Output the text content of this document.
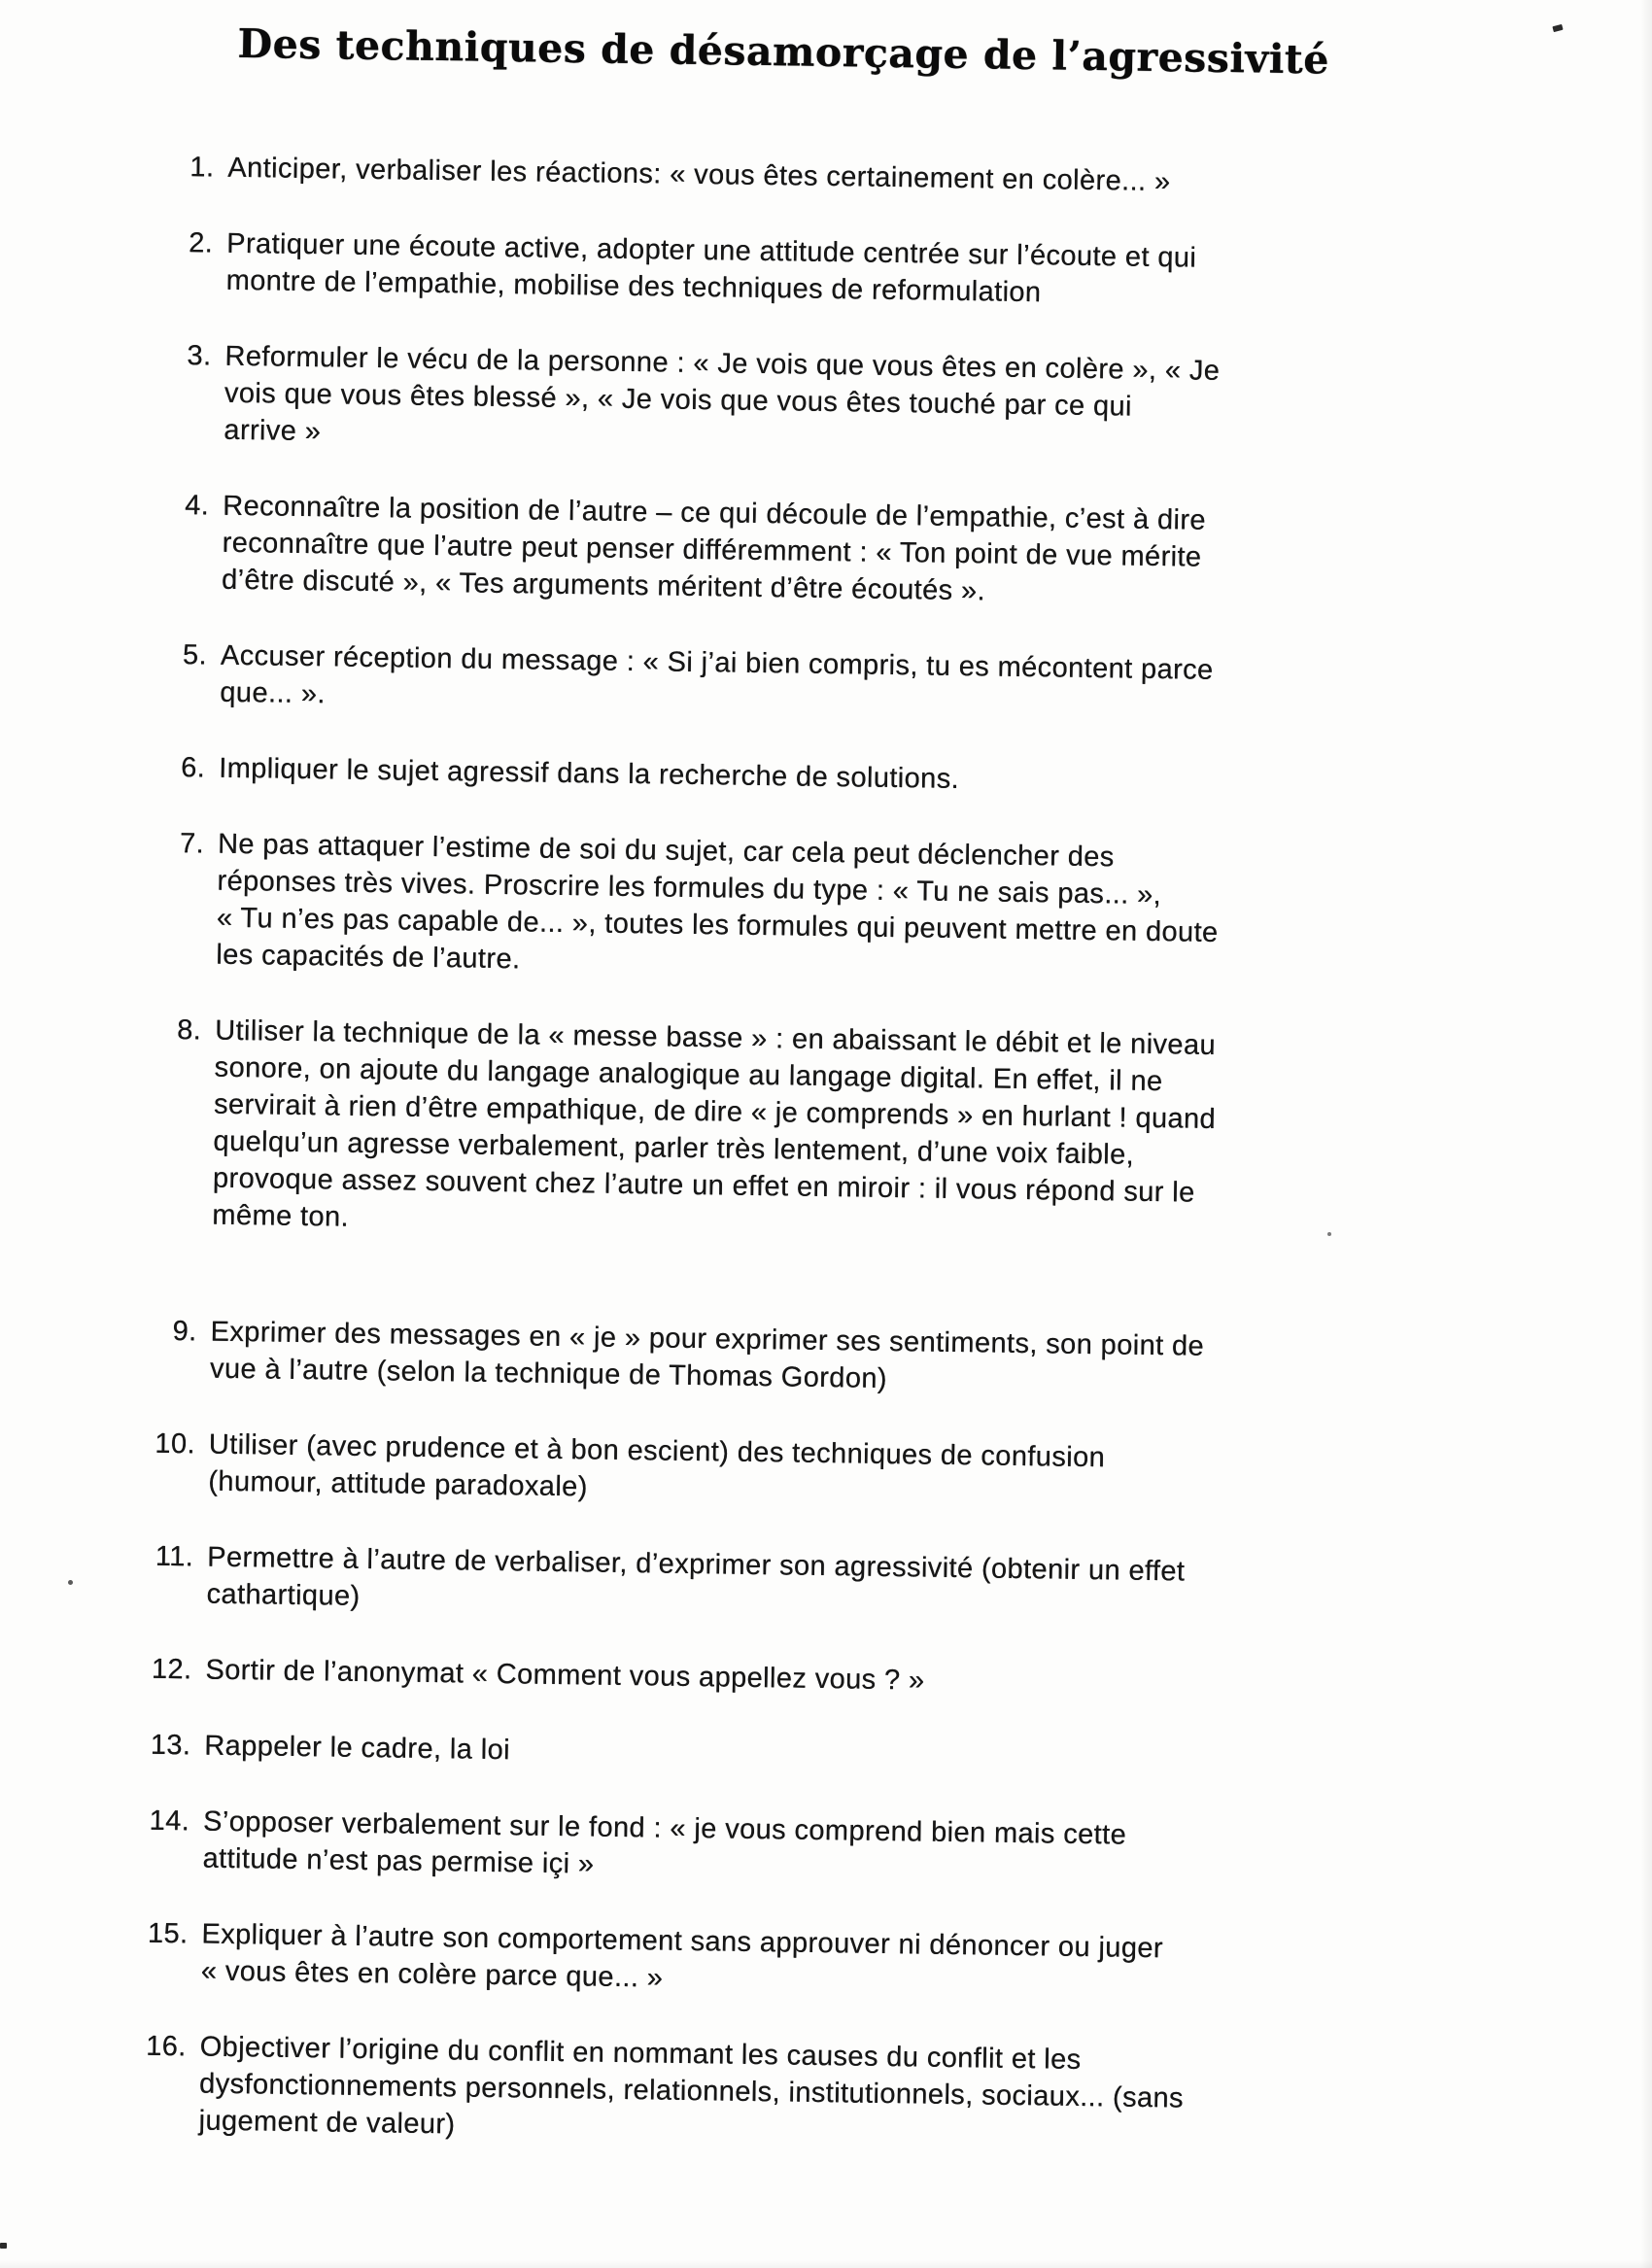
Des techniques de désamorçage de l’agressivité
1. Anticiper, verbaliser les réactions: « vous êtes certainement en colère... »
2. Pratiquer une écoute active, adopter une attitude centrée sur l’écoute et qui
montre de l’empathie, mobilise des techniques de reformulation
3. Reformuler le vécu de la personne : « Je vois que vous êtes en colère », « Je
vois que vous êtes blessé », « Je vois que vous êtes touché par ce qui
arrive »
4. Reconnaître la position de l’autre – ce qui découle de l’empathie, c’est à dire
reconnaître que l’autre peut penser différemment : « Ton point de vue mérite
d’être discuté », « Tes arguments méritent d’être écoutés ».
5. Accuser réception du message : « Si j’ai bien compris, tu es mécontent parce
que... ».
6. Impliquer le sujet agressif dans la recherche de solutions.
7. Ne pas attaquer l’estime de soi du sujet, car cela peut déclencher des
réponses très vives. Proscrire les formules du type : « Tu ne sais pas... »,
« Tu n’es pas capable de... », toutes les formules qui peuvent mettre en doute
les capacités de l’autre.
8. Utiliser la technique de la « messe basse » : en abaissant le débit et le niveau
sonore, on ajoute du langage analogique au langage digital. En effet, il ne
servirait à rien d’être empathique, de dire « je comprends » en hurlant ! quand
quelqu’un agresse verbalement, parler très lentement, d’une voix faible,
provoque assez souvent chez l’autre un effet en miroir : il vous répond sur le
même ton.
9. Exprimer des messages en « je » pour exprimer ses sentiments, son point de
vue à l’autre (selon la technique de Thomas Gordon)
10. Utiliser (avec prudence et à bon escient) des techniques de confusion
(humour, attitude paradoxale)
11. Permettre à l’autre de verbaliser, d’exprimer son agressivité (obtenir un effet
cathartique)
12. Sortir de l’anonymat « Comment vous appellez vous ? »
13. Rappeler le cadre, la loi
14. S’opposer verbalement sur le fond : « je vous comprend bien mais cette
attitude n’est pas permise içi »
15. Expliquer à l’autre son comportement sans approuver ni dénoncer ou juger
« vous êtes en colère parce que... »
16. Objectiver l’origine du conflit en nommant les causes du conflit et les
dysfonctionnements personnels, relationnels, institutionnels, sociaux... (sans
jugement de valeur)
